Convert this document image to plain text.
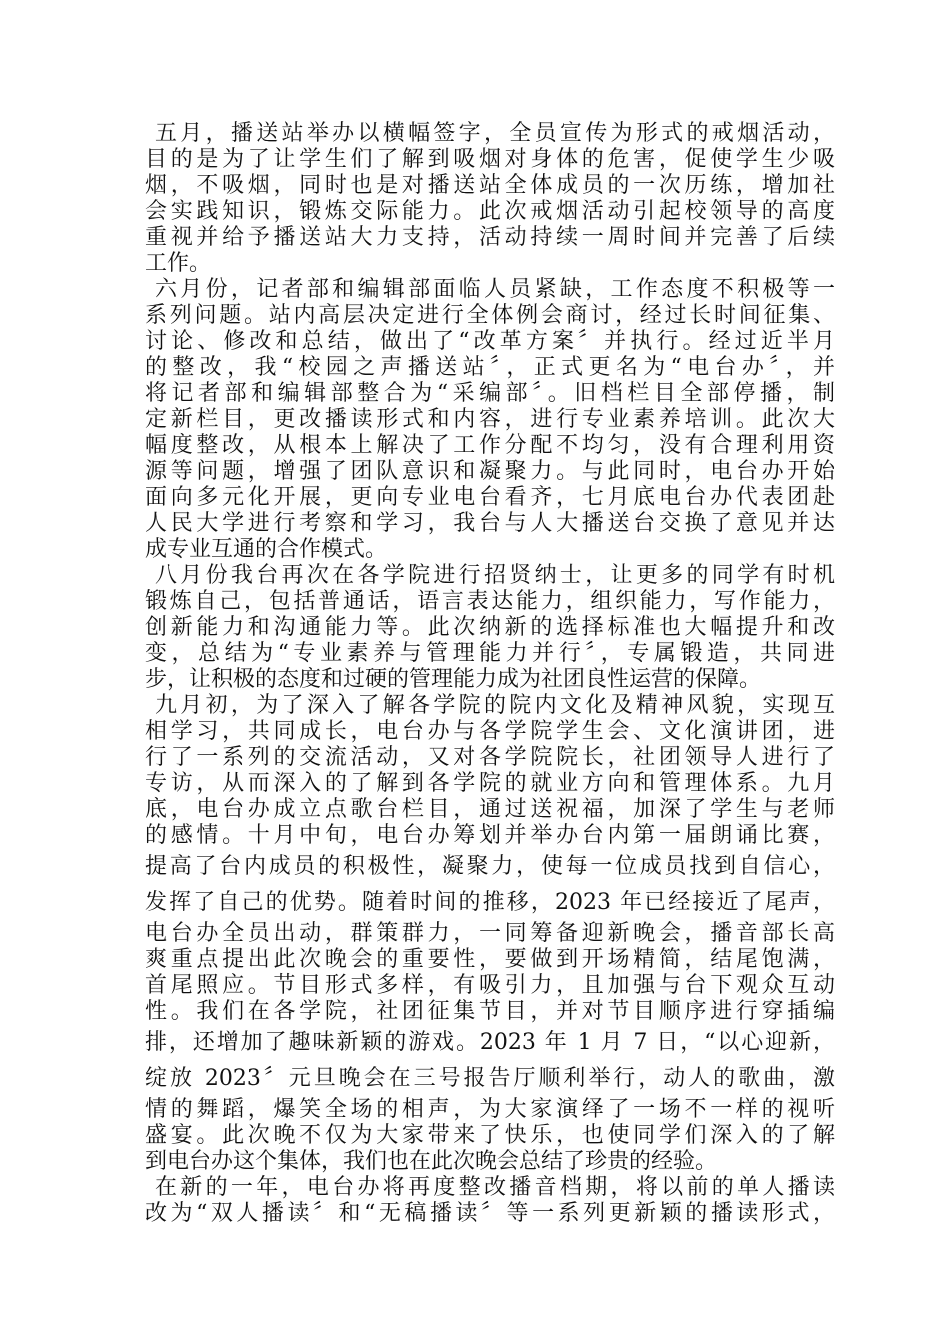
五月，播送站举办以横幅签字，全员宣传为形式的戒烟活动，
目的是为了让学生们了解到吸烟对身体的危害，促使学生少吸
烟，不吸烟，同时也是对播送站全体成员的一次历练，增加社
会实践知识，锻炼交际能力。此次戒烟活动引起校领导的高度
重视并给予播送站大力支持，活动持续一周时间并完善了后续
工作。
六月份，记者部和编辑部面临人员紧缺，工作态度不积极等一
系列问题。站内高层决定进行全体例会商讨，经过长时间征集、
讨论、修改和总结，做出了“改革方案〞并执行。经过近半月
的整改，我“校园之声播送站〞，正式更名为“电台办〞，并
将记者部和编辑部整合为“采编部〞。旧档栏目全部停播，制
定新栏目，更改播读形式和内容，进行专业素养培训。此次大
幅度整改，从根本上解决了工作分配不均匀，没有合理利用资
源等问题，增强了团队意识和凝聚力。与此同时，电台办开始
面向多元化开展，更向专业电台看齐，七月底电台办代表团赴
人民大学进行考察和学习，我台与人大播送台交换了意见并达
成专业互通的合作模式。
八月份我台再次在各学院进行招贤纳士，让更多的同学有时机
锻炼自己，包括普通话，语言表达能力，组织能力，写作能力，
创新能力和沟通能力等。此次纳新的选择标准也大幅提升和改
变，总结为“专业素养与管理能力并行〞，专属锻造，共同进
步，让积极的态度和过硬的管理能力成为社团良性运营的保障。
九月初，为了深入了解各学院的院内文化及精神风貌，实现互
相学习，共同成长，电台办与各学院学生会、文化演讲团，进
行了一系列的交流活动，又对各学院院长，社团领导人进行了
专访，从而深入的了解到各学院的就业方向和管理体系。九月
底，电台办成立点歌台栏目，通过送祝福，加深了学生与老师
的感情。十月中旬，电台办筹划并举办台内第一届朗诵比赛，
提高了台内成员的积极性，凝聚力，使每一位成员找到自信心，
发挥了自己的优势。随着时间的推移，2023 年已经接近了尾声，
电台办全员出动，群策群力，一同筹备迎新晚会，播音部长高
爽重点提出此次晚会的重要性，要做到开场精简，结尾饱满，
首尾照应。节目形式多样，有吸引力，且加强与台下观众互动
性。我们在各学院，社团征集节目，并对节目顺序进行穿插编
排，还增加了趣味新颖的游戏。2023 年 1 月 7 日，“以心迎新，
绽放 2023〞元旦晚会在三号报告厅顺利举行，动人的歌曲，激
情的舞蹈，爆笑全场的相声，为大家演绎了一场不一样的视听
盛宴。此次晚不仅为大家带来了快乐，也使同学们深入的了解
到电台办这个集体，我们也在此次晚会总结了珍贵的经验。
在新的一年，电台办将再度整改播音档期，将以前的单人播读
改为“双人播读〞和“无稿播读〞等一系列更新颖的播读形式，
